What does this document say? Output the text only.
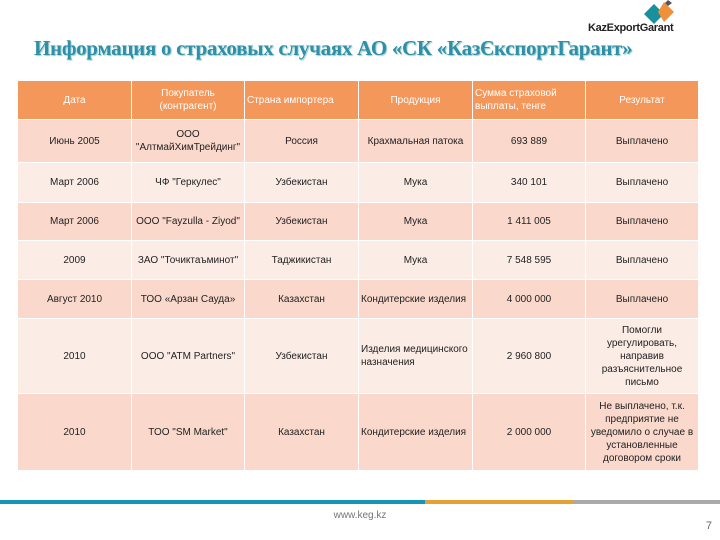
KazExportGarant
Информация о страховых случаях АО «СК «КазЄкспортГарант»
Дата	Покупатель (контрагент)	Страна импортера	Продукция	Сумма страховой выплаты, тенге	Результат
Июнь 2005	ООО "АлтмайХимТрейдинг"	Россия	Крахмальная патока	693 889	Выплачено
Март 2006	ЧФ "Геркулес"	Узбекистан	Мука	340 101	Выплачено
Март 2006	ООО "Fayzulla - Ziyod"	Узбекистан	Мука	1 411 005	Выплачено
2009	ЗАО "Точиктаъминот"	Таджикистан	Мука	7 548 595	Выплачено
Август 2010	ТОО «Арзан Сауда»	Казахстан	Кондитерские изделия	4 000 000	Выплачено
2010	ООО "ATM Partners"	Узбекистан	Изделия медицинского назначения	2 960 800	Помогли урегулировать, направив разъяснительное письмо
2010	ТОО "SM Market"	Казахстан	Кондитерские изделия	2 000 000	Не выплачено, т.к. предприятие не уведомило о случае в установленные договором сроки
www.keg.kz
7
